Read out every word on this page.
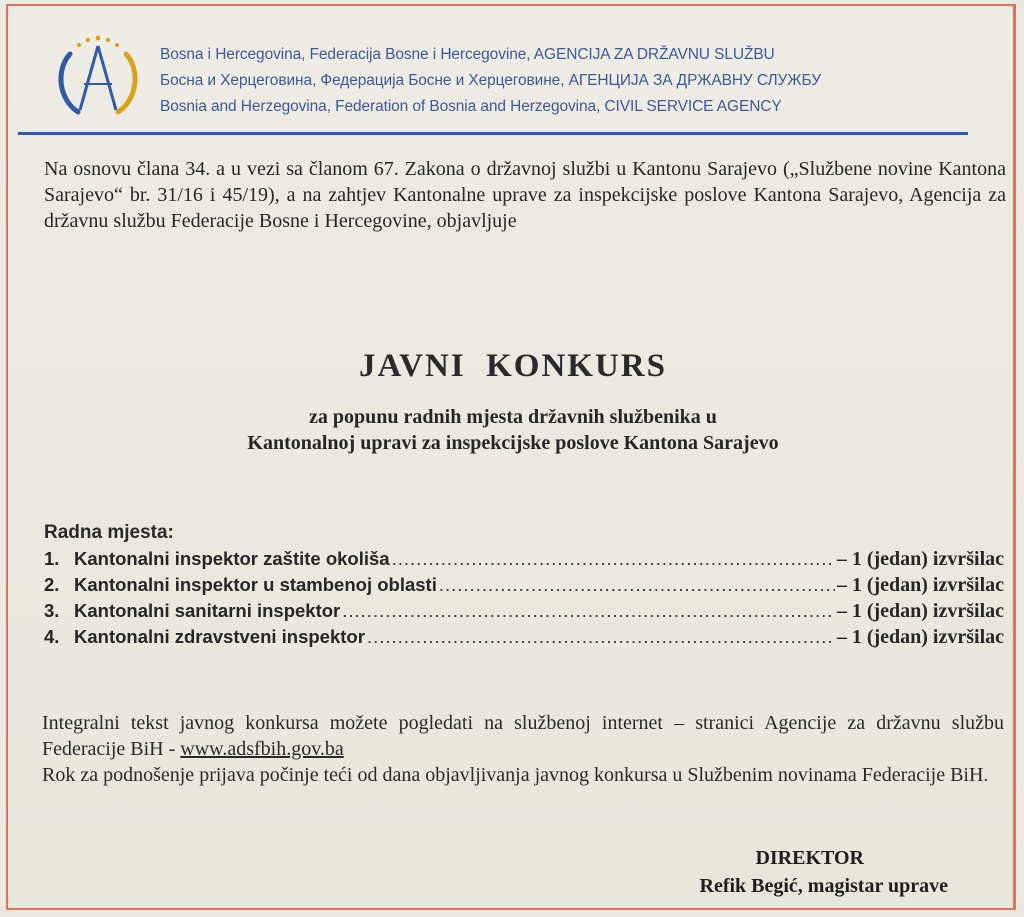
Bosna i Hercegovina, Federacija Bosne i Hercegovine, AGENCIJA ZA DRŽAVNU SLUŽBU
Босна и Херцеговина, Федерација Босне и Херцеговине, АГЕНЦИЈА ЗА ДРЖАВНУ СЛУЖБУ
Bosnia and Herzegovina, Federation of Bosnia and Herzegovina, CIVIL SERVICE AGENCY
Na osnovu člana 34. a u vezi sa članom 67. Zakona o državnoj službi u Kantonu Sarajevo („Službene novine Kantona Sarajevo“ br. 31/16 i 45/19), a na zahtjev Kantonalne uprave za inspekcijske poslove Kantona Sarajevo, Agencija za državnu službu Federacije Bosne i Hercegovine, objavljuje
JAVNI  KONKURS
za popunu radnih mjesta državnih službenika u
Kantonalnoj upravi za inspekcijske poslove Kantona Sarajevo
Radna mjesta:
1. Kantonalni inspektor zaštite okoliša .....	– 1 (jedan) izvršilac
2. Kantonalni inspektor u stambenoj oblasti .....	– 1 (jedan) izvršilac
3. Kantonalni sanitarni inspektor .....	– 1 (jedan) izvršilac
4. Kantonalni zdravstveni inspektor .....	– 1 (jedan) izvršilac
Integralni tekst javnog konkursa možete pogledati na službenoj internet – stranici Agencije za državnu službu Federacije BiH - www.adsfbih.gov.ba
Rok za podnošenje prijava počinje teći od dana objavljivanja javnog konkursa u Službenim novinama Federacije BiH.
DIREKTOR
Refik Begić, magistar uprave
